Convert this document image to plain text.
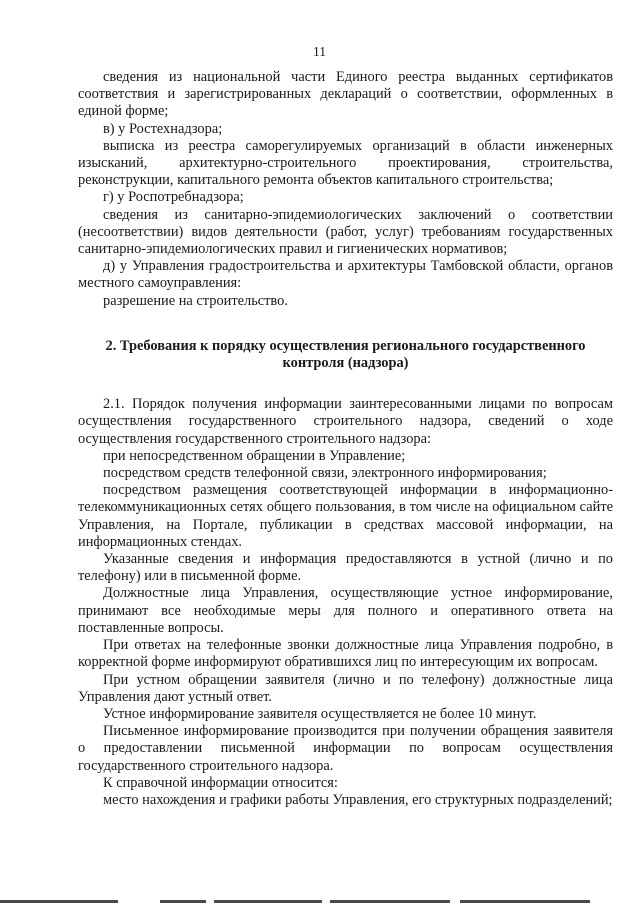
11

сведения из национальной части Единого реестра выданных сертификатов соответствия и зарегистрированных деклараций о соответствии, оформленных в единой форме;

в) у Ростехнадзора;

выписка из реестра саморегулируемых организаций в области инженерных изысканий, архитектурно-строительного проектирования, строительства, реконструкции, капитального ремонта объектов капитального строительства;

г) у Роспотребнадзора;

сведения из санитарно-эпидемиологических заключений о соответствии (несоответствии) видов деятельности (работ, услуг) требованиям государственных санитарно-эпидемиологических правил и гигиенических нормативов;

д) у Управления градостроительства и архитектуры Тамбовской области, органов местного самоуправления:

разрешение на строительство.

2. Требования к порядку осуществления регионального государственного контроля (надзора)

2.1. Порядок получения информации заинтересованными лицами по вопросам осуществления государственного строительного надзора, сведений о ходе осуществления государственного строительного надзора:

при непосредственном обращении в Управление;

посредством средств телефонной связи, электронного информирования;

посредством размещения соответствующей информации в информационно-телекоммуникационных сетях общего пользования, в том числе на официальном сайте Управления, на Портале, публикации в средствах массовой информации, на информационных стендах.

Указанные сведения и информация предоставляются в устной (лично и по телефону) или в письменной форме.

Должностные лица Управления, осуществляющие устное информирование, принимают все необходимые меры для полного и оперативного ответа на поставленные вопросы.

При ответах на телефонные звонки должностные лица Управления подробно, в корректной форме информируют обратившихся лиц по интересующим их вопросам.

При устном обращении заявителя (лично и по телефону) должностные лица Управления дают устный ответ.

Устное информирование заявителя осуществляется не более 10 минут.

Письменное информирование производится при получении обращения заявителя о предоставлении письменной информации по вопросам осуществления государственного строительного надзора.

К справочной информации относится:

место нахождения и графики работы Управления, его структурных подразделений;
